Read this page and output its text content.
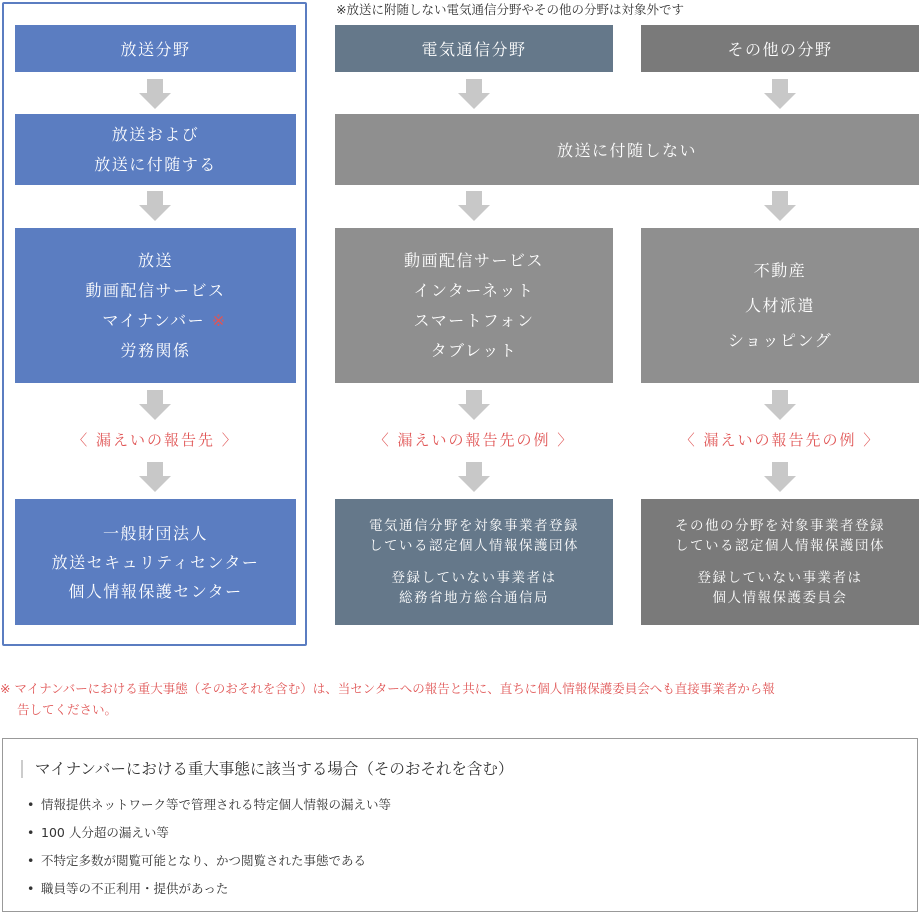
※放送に附随しない電気通信分野やその他の分野は対象外です
放送分野
放送および
放送に付随する
放送
動画配信サービス
マイナンバー ※
労務関係
〈 漏えいの報告先 〉
一般財団法人
放送セキュリティセンター
個人情報保護センター
電気通信分野	その他の分野
放送に付随しない
動画配信サービス
インターネット
スマートフォン
タブレット
不動産
人材派遣
ショッピング
〈 漏えいの報告先の例 〉	〈 漏えいの報告先の例 〉
電気通信分野を対象事業者登録
している認定個人情報保護団体
登録していない事業者は
総務省地方総合通信局
その他の分野を対象事業者登録
している認定個人情報保護団体
登録していない事業者は
個人情報保護委員会
※ マイナンバーにおける重大事態（そのおそれを含む）は、当センターへの報告と共に、直ちに個人情報保護委員会へも直接事業者から報
告してください。
マイナンバーにおける重大事態に該当する場合（そのおそれを含む）
• 情報提供ネットワーク等で管理される特定個人情報の漏えい等
• 100 人分超の漏えい等
• 不特定多数が閲覧可能となり、かつ閲覧された事態である
• 職員等の不正利用・提供があった
